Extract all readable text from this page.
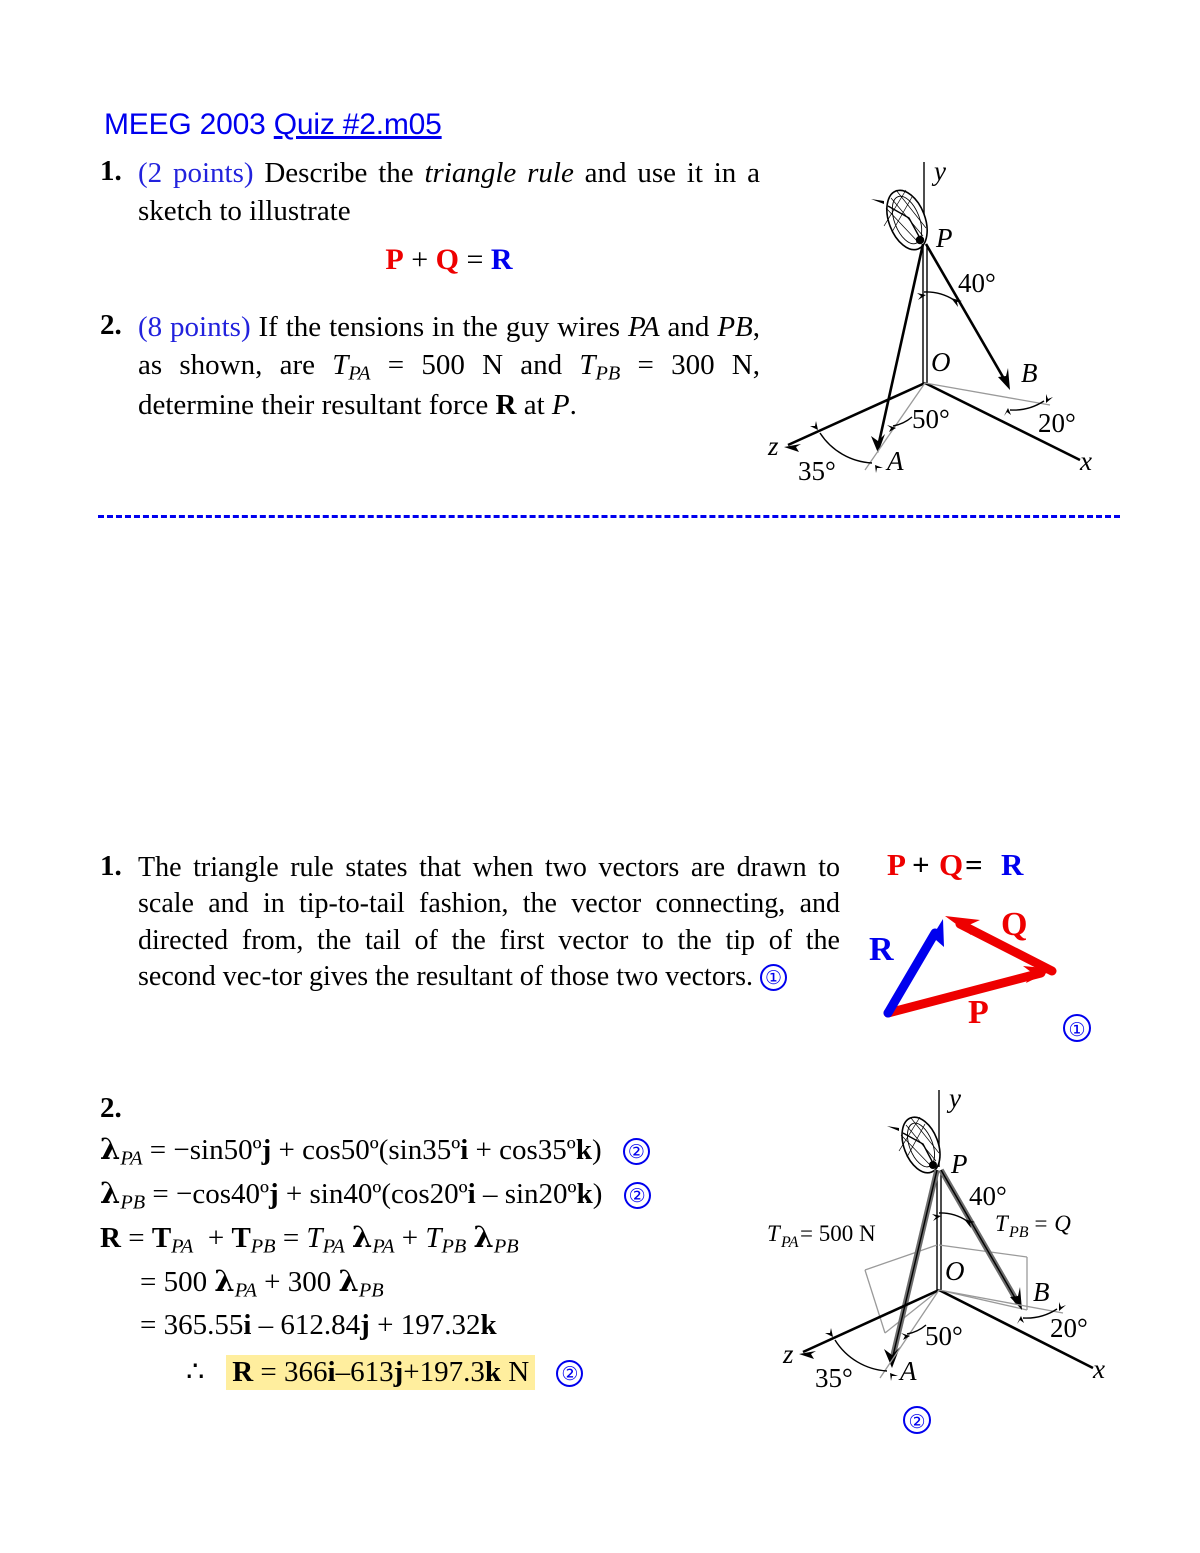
MEEG 2003 Quiz #2.m05
1. (2 points) Describe the triangle rule and use it in a sketch to illustrate
P + Q = R
2. (8 points) If the tensions in the guy wires PA and PB, as shown, are $T_{PA} = 500$ N and $T_{PB} = 300$ N, determine their resultant force R at P.
y
P
O
A
B
40°
50°
35°
20°
z	x
1. The triangle rule states that when two vectors are drawn to scale and in tip-to-tail fashion, the vector connecting, and directed from, the tail of the first vector to the tip of the second vec-tor gives the resultant of those two vectors. ①
P + Q = R
R
P
Q
①
2.
$\lambda_{PA}$ = −sin50ºj + cos50º(sin35ºi + cos35ºk) ②
$\lambda_{PB}$ = −cos40ºj + sin40º(cos20ºi – sin20ºk) ②
$R = T_{PA} + T_{PB} = T_{PA}$ $\lambda_{PA} + T_{PB}$ $\lambda_{PB}$
= 500 $\lambda_{PA} + 300$ $\lambda_{PB}$
= 365.55i – 612.84j + 197.32k
∴ R = 366i–613j+197.3k N ②
y
P
O
A
B
40°
50°
35°
20°
z	x
T PA = 500 N	T PB = Q
②
